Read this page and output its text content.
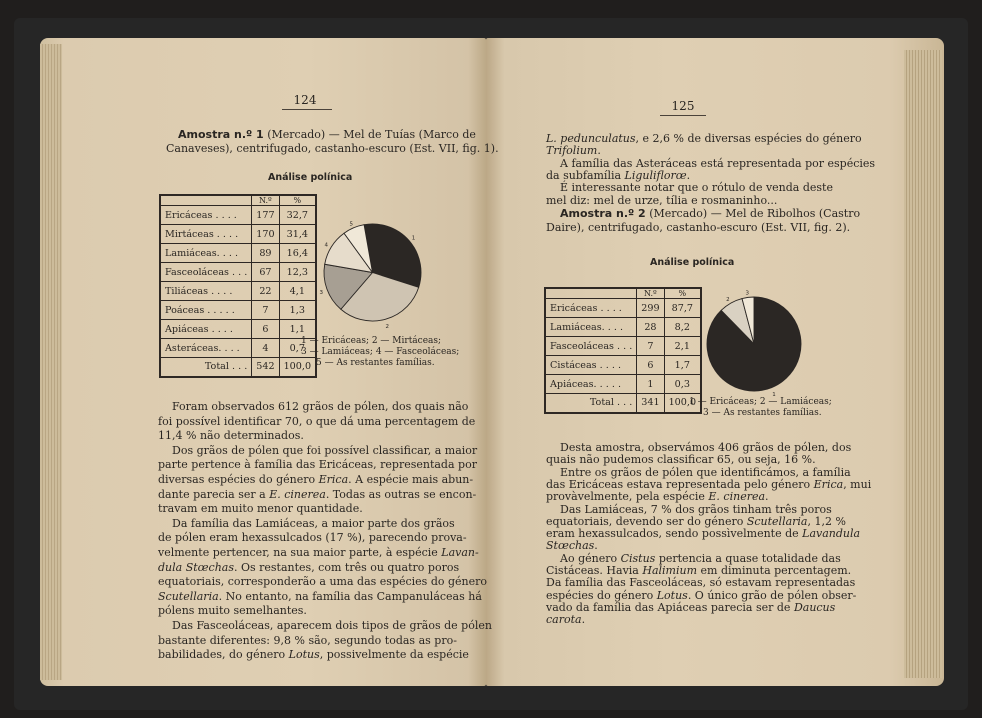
124
Amostra n.º 1 (Mercado) — Mel de Tuías (Marco de
Canaveses), centrifugado, castanho-escuro (Est. VII, fig. 1).
Análise polínica
	N.º	%
Ericáceas . . . .	177	32,7
Mirtáceas . . . .	170	31,4
Lamiáceas. . . .	89	16,4
Fasceoláceas . . .	67	12,3
Tiliáceas . . . .	22	4,1
Poáceas . . . . .	7	1,3
Apiáceas . . . .	6	1,1
Asteráceas. . . .	4	0,7
Total . . .	542	100,0
1
2
3
4
5
1 — Ericáceas; 2 — Mirtáceas;
3 — Lamiáceas; 4 — Fasceoláceas;
5 — As restantes famílias.
Foram observados 612 grãos de pólen, dos quais não
foi possível identificar 70, o que dá uma percentagem de
11,4 % não determinados.
Dos grãos de pólen que foi possível classificar, a maior
parte pertence à família das Ericáceas, representada por
diversas espécies do género Erica. A espécie mais abun-
dante parecia ser a E. cinerea. Todas as outras se encon-
travam em muito menor quantidade.
Da família das Lamiáceas, a maior parte dos grãos
de pólen eram hexassulcados (17 %), parecendo prova-
velmente pertencer, na sua maior parte, à espécie Lavan-
dula Stœchas. Os restantes, com três ou quatro poros
equatoriais, corresponderão a uma das espécies do género
Scutellaria. No entanto, na família das Campanuláceas há
pólens muito semelhantes.
Das Fasceoláceas, aparecem dois tipos de grãos de pólen
bastante diferentes: 9,8 % são, segundo todas as pro-
babilidades, do género Lotus, possivelmente da espécie
125
L. pedunculatus, e 2,6 % de diversas espécies do género
Trifolium.
A família das Asteráceas está representada por espécies
da subfamília Liguliflorœ.
É interessante notar que o rótulo de venda deste
mel diz: mel de urze, tília e rosmaninho...
Amostra n.º 2 (Mercado) — Mel de Ribolhos (Castro
Daire), centrifugado, castanho-escuro (Est. VII, fig. 2).
Análise polínica
	N.º	%
Ericáceas . . . .	299	87,7
Lamiáceas. . . .	28	8,2
Fasceoláceas . . .	7	2,1
Cistáceas . . . .	6	1,7
Apiáceas. . . . .	1	0,3
Total . . .	341	100,0
1
2
3
1 — Ericáceas; 2 — Lamiáceas;
3 — As restantes famílias.
Desta amostra, observámos 406 grãos de pólen, dos
quais não pudemos classificar 65, ou seja, 16 %.
Entre os grãos de pólen que identificámos, a família
das Ericáceas estava representada pelo género Erica, mui
provàvelmente, pela espécie E. cinerea.
Das Lamiáceas, 7 % dos grãos tinham três poros
equatoriais, devendo ser do género Scutellaria, 1,2 %
eram hexassulcados, sendo possìvelmente de Lavandula
Stœchas.
Ao género Cistus pertencia a quase totalidade das
Cistáceas. Havia Halimium em diminuta percentagem.
Da família das Fasceoláceas, só estavam representadas
espécies do género Lotus. O único grão de pólen obser-
vado da família das Apiáceas parecia ser de Daucus
carota.
